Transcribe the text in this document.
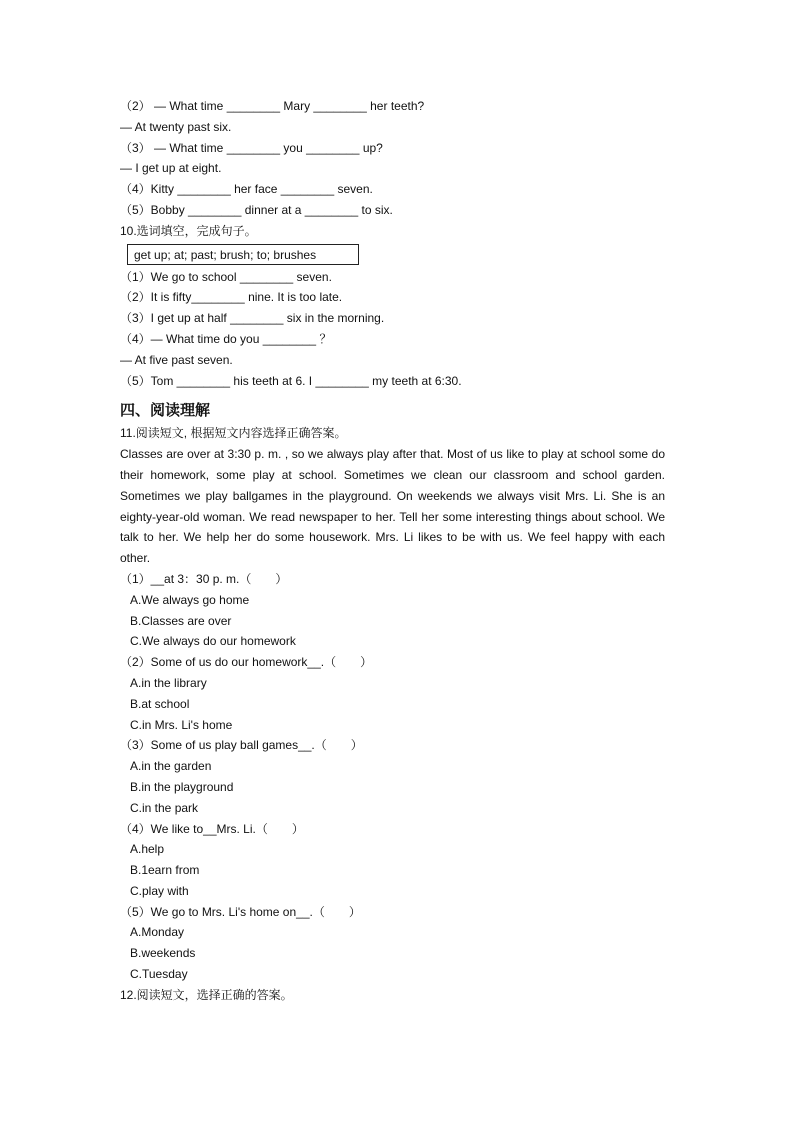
（2） — What time ________ Mary ________ her teeth?
— At twenty past six.
（3） — What time ________ you ________ up?
— I get up at eight.
（4）Kitty ________ her face ________ seven.
（5）Bobby ________ dinner at a ________ to six.
10.选词填空，完成句子。
get up; at; past; brush; to; brushes
（1）We go to school ________ seven.
（2）It is fifty________ nine. It is too late.
（3）I get up at half ________ six in the morning.
（4）— What time do you ________ ？
— At five past seven.
（5）Tom ________ his teeth at 6. I ________ my teeth at 6:30.
四、阅读理解
11.阅读短文, 根据短文内容选择正确答案。
Classes are over at 3:30 p. m. , so we always play after that. Most of us like to play at school some do their homework, some play at school. Sometimes we clean our classroom and school garden. Sometimes we play ballgames in the playground. On weekends we always visit Mrs. Li. She is an eighty-year-old woman. We read newspaper to her. Tell her some interesting things about school. We talk to her. We help her do some housework. Mrs. Li likes to be with us. We feel happy with each other.
（1）__at 3：30 p. m.（　　）
A.We always go home
B.Classes are over
C.We always do our homework
（2）Some of us do our homework__.（　　）
A.in the library
B.at school
C.in Mrs. Li's home
（3）Some of us play ball games__.（　　）
A.in the garden
B.in the playground
C.in the park
（4）We like to__Mrs. Li.（　　）
A.help
B.1earn from
C.play with
（5）We go to Mrs. Li's home on__.（　　）
A.Monday
B.weekends
C.Tuesday
12.阅读短文，选择正确的答案。
